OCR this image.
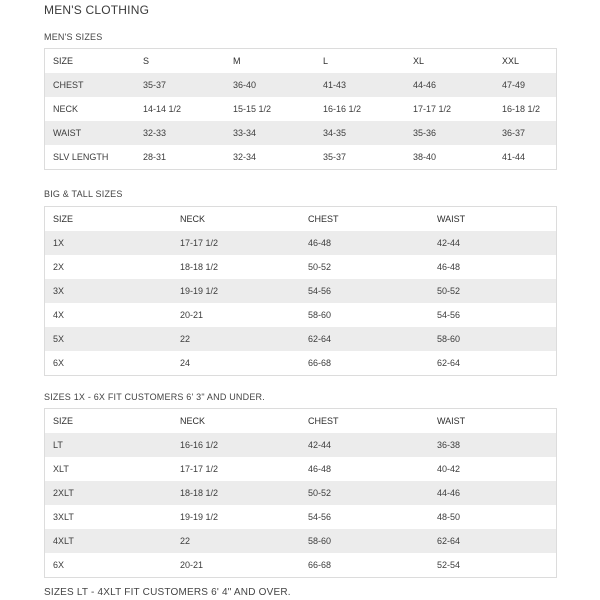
MEN'S CLOTHING
MEN'S SIZES
SIZE	S	M	L	XL	XXL
CHEST	35-37	36-40	41-43	44-46	47-49
NECK	14-14 1/2	15-15 1/2	16-16 1/2	17-17 1/2	16-18 1/2
WAIST	32-33	33-34	34-35	35-36	36-37
SLV LENGTH	28-31	32-34	35-37	38-40	41-44
BIG & TALL SIZES
SIZE	NECK	CHEST	WAIST
1X	17-17 1/2	46-48	42-44
2X	18-18 1/2	50-52	46-48
3X	19-19 1/2	54-56	50-52
4X	20-21	58-60	54-56
5X	22	62-64	58-60
6X	24	66-68	62-64
SIZES 1X - 6X FIT CUSTOMERS 6' 3" AND UNDER.
SIZE	NECK	CHEST	WAIST
LT	16-16 1/2	42-44	36-38
XLT	17-17 1/2	46-48	40-42
2XLT	18-18 1/2	50-52	44-46
3XLT	19-19 1/2	54-56	48-50
4XLT	22	58-60	62-64
6X	20-21	66-68	52-54
SIZES LT - 4XLT FIT CUSTOMERS 6' 4" AND OVER.
